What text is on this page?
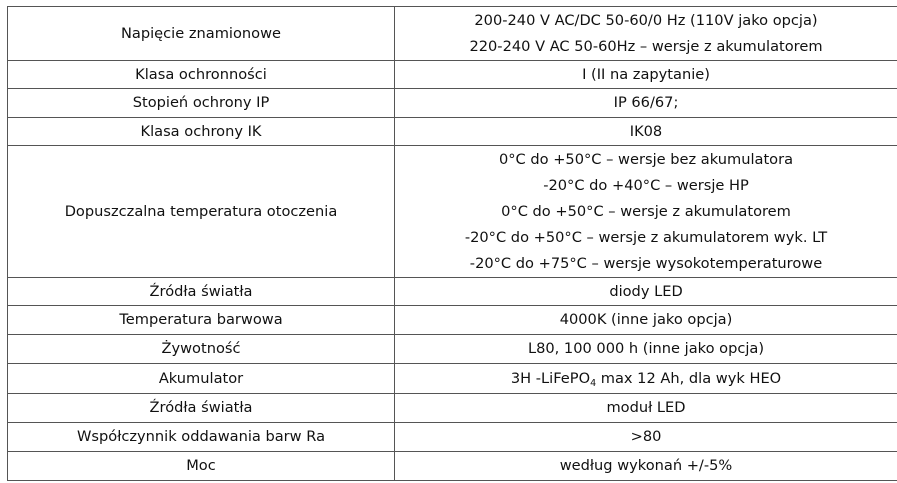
Napięcie znamionowe	200-240 V AC/DC 50-60/0 Hz (110V jako opcja)
220-240 V AC 50-60Hz – wersje z akumulatorem

Klasa ochronności	I (II na zapytanie)
Stopień ochrony IP	IP 66/67;
Klasa ochrony IK	IK08
Dopuszczalna temperatura otoczenia	0°C do +50°C – wersje bez akumulatora
-20°C do +40°C – wersje HP
0°C do +50°C – wersje z akumulatorem
-20°C do +50°C – wersje z akumulatorem wyk. LT
-20°C do +75°C – wersje wysokotemperaturowe

Źródła światła	diody LED
Temperatura barwowa	4000K (inne jako opcja)
Żywotność	L80, 100 000 h (inne jako opcja)
Akumulator	3H -LiFePO$_4$ max 12 Ah, dla wyk HEO
Źródła światła	moduł LED
Współczynnik oddawania barw Ra	>80
Moc	według wykonań +/-5%
